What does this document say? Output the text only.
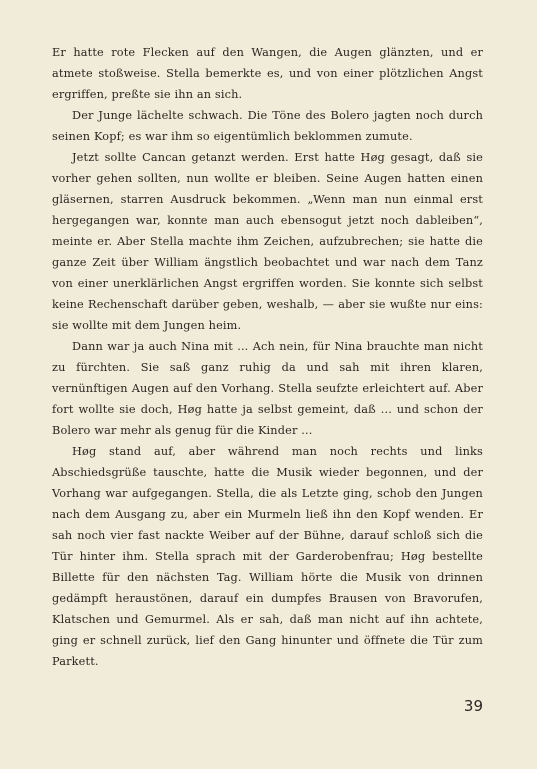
Er hatte rote Flecken auf den Wangen, die Augen glänzten, und er atmete stoßweise. Stella bemerkte es, und von einer plötzlichen Angst ergriffen, preßte sie ihn an sich.

Der Junge lächelte schwach. Die Töne des Bolero jagten noch durch seinen Kopf; es war ihm so eigentümlich beklommen zumute.

Jetzt sollte Cancan getanzt werden. Erst hatte Høg gesagt, daß sie vorher gehen sollten, nun wollte er bleiben. Seine Augen hatten einen gläsernen, starren Ausdruck bekommen. „Wenn man nun einmal erst hergegangen war, konnte man auch ebensogut jetzt noch dableiben“, meinte er. Aber Stella machte ihm Zeichen, aufzubrechen; sie hatte die ganze Zeit über William ängstlich beobachtet und war nach dem Tanz von einer unerklärlichen Angst ergriffen worden. Sie konnte sich selbst keine Rechenschaft darüber geben, weshalb, — aber sie wußte nur eins: sie wollte mit dem Jungen heim.

Dann war ja auch Nina mit ... Ach nein, für Nina brauchte man nicht zu fürchten. Sie saß ganz ruhig da und sah mit ihren klaren, vernünftigen Augen auf den Vorhang. Stella seufzte erleichtert auf. Aber fort wollte sie doch, Høg hatte ja selbst gemeint, daß ... und schon der Bolero war mehr als genug für die Kinder ...

Høg stand auf, aber während man noch rechts und links Abschiedsgrüße tauschte, hatte die Musik wieder begonnen, und der Vorhang war aufgegangen. Stella, die als Letzte ging, schob den Jungen nach dem Ausgang zu, aber ein Murmeln ließ ihn den Kopf wenden. Er sah noch vier fast nackte Weiber auf der Bühne, darauf schloß sich die Tür hinter ihm. Stella sprach mit der Garderobenfrau; Høg bestellte Billette für den nächsten Tag. William hörte die Musik von drinnen gedämpft heraustönen, darauf ein dumpfes Brausen von Bravorufen, Klatschen und Gemurmel. Als er sah, daß man nicht auf ihn achtete, ging er schnell zurück, lief den Gang hinunter und öffnete die Tür zum Parkett.

39
